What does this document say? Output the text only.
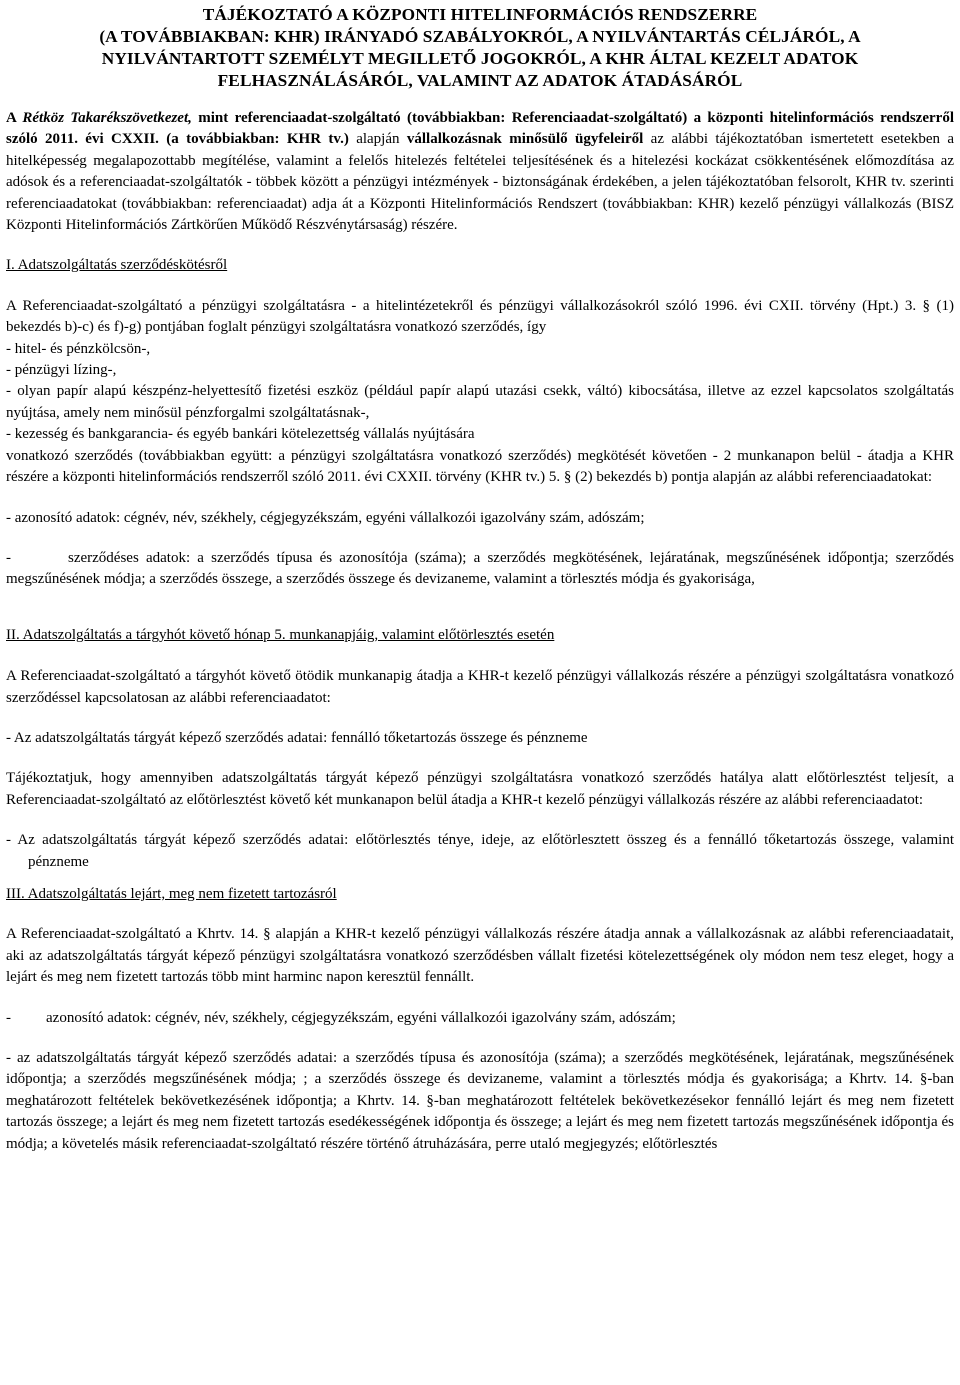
TÁJÉKOZTATÓ A KÖZPONTI HITELINFORMÁCIÓS RENDSZERRE
(A TOVÁBBIAKBAN: KHR) IRÁNYADÓ SZABÁLYOKRÓL, A NYILVÁNTARTÁS CÉLJÁRÓL, A
NYILVÁNTARTOTT SZEMÉLYT MEGILLETŐ JOGOKRÓL, A KHR ÁLTAL KEZELT ADATOK
FELHASZNÁLÁSÁRÓL, VALAMINT AZ ADATOK ÁTADÁSÁRÓL

A Rétköz Takarékszövetkezet, mint referenciaadat-szolgáltató (továbbiakban: Referenciaadat-szolgáltató) a központi hitelinformációs rendszerről szóló 2011. évi CXXII. (a továbbiakban: KHR tv.) alapján vállalkozásnak minősülő ügyfeleiről az alábbi tájékoztatóban ismertetett esetekben a hitelképesség megalapozottabb megítélése, valamint a felelős hitelezés feltételei teljesítésének és a hitelezési kockázat csökkentésének előmozdítása az adósok és a referenciaadat-szolgáltatók - többek között a pénzügyi intézmények - biztonságának érdekében, a jelen tájékoztatóban felsorolt, KHR tv. szerinti referenciaadatokat (továbbiakban: referenciaadat) adja át a Központi Hitelinformációs Rendszert (továbbiakban: KHR) kezelő pénzügyi vállalkozás (BISZ Központi Hitelinformációs Zártkörűen Működő Részvénytársaság) részére.

I. Adatszolgáltatás szerződéskötésről

A Referenciaadat-szolgáltató a pénzügyi szolgáltatásra - a hitelintézetekről és pénzügyi vállalkozásokról szóló 1996. évi CXII. törvény (Hpt.) 3. § (1) bekezdés b)-c) és f)-g) pontjában foglalt pénzügyi szolgáltatásra vonatkozó szerződés, így

- hitel- és pénzkölcsön-,

- pénzügyi lízing-,

- olyan papír alapú készpénz-helyettesítő fizetési eszköz (például papír alapú utazási csekk, váltó) kibocsátása, illetve az ezzel kapcsolatos szolgáltatás nyújtása, amely nem minősül pénzforgalmi szolgáltatásnak-,

- kezesség és bankgarancia- és egyéb bankári kötelezettség vállalás nyújtására

vonatkozó szerződés (továbbiakban együtt: a pénzügyi szolgáltatásra vonatkozó szerződés) megkötését követően - 2 munkanapon belül - átadja a KHR részére a központi hitelinformációs rendszerről szóló 2011. évi CXXII. törvény (KHR tv.) 5. § (2) bekezdés b) pontja alapján az alábbi referenciaadatokat:

- azonosító adatok: cégnév, név, székhely, cégjegyzékszám, egyéni vállalkozói igazolvány szám, adószám;

-	szerződéses adatok: a szerződés típusa és azonosítója (száma); a szerződés megkötésének, lejáratának, megszűnésének időpontja; szerződés megszűnésének módja; a szerződés összege, a szerződés összege és devizaneme, valamint a törlesztés módja és gyakorisága,

II. Adatszolgáltatás a tárgyhót követő hónap 5. munkanapjáig, valamint előtörlesztés esetén

A Referenciaadat-szolgáltató a tárgyhót követő ötödik munkanapig átadja a KHR-t kezelő pénzügyi vállalkozás részére a pénzügyi szolgáltatásra vonatkozó szerződéssel kapcsolatosan az alábbi referenciaadatot:

- Az adatszolgáltatás tárgyát képező szerződés adatai: fennálló tőketartozás összege és pénzneme

Tájékoztatjuk, hogy amennyiben adatszolgáltatás tárgyát képező pénzügyi szolgáltatásra vonatkozó szerződés hatálya alatt előtörlesztést teljesít, a Referenciaadat-szolgáltató az előtörlesztést követő két munkanapon belül átadja a KHR-t kezelő pénzügyi vállalkozás részére az alábbi referenciaadatot:

- Az adatszolgáltatás tárgyát képező szerződés adatai: előtörlesztés ténye, ideje, az előtörlesztett összeg és a fennálló tőketartozás összege, valamint pénzneme

III. Adatszolgáltatás lejárt, meg nem fizetett tartozásról

A Referenciaadat-szolgáltató a Khrtv. 14. § alapján a KHR-t kezelő pénzügyi vállalkozás részére átadja annak a vállalkozásnak az alábbi referenciaadatait, aki az adatszolgáltatás tárgyát képező pénzügyi szolgáltatásra vonatkozó szerződésben vállalt fizetési kötelezettségének oly módon nem tesz eleget, hogy a lejárt és meg nem fizetett tartozás több mint harminc napon keresztül fennállt.

- azonosító adatok: cégnév, név, székhely, cégjegyzékszám, egyéni vállalkozói igazolvány szám, adószám;

- az adatszolgáltatás tárgyát képező szerződés adatai: a szerződés típusa és azonosítója (száma); a szerződés megkötésének, lejáratának, megszűnésének időpontja; a szerződés megszűnésének módja; ; a szerződés összege és devizaneme, valamint a törlesztés módja és gyakorisága; a Khrtv. 14. §-ban meghatározott feltételek bekövetkezésének időpontja; a Khrtv. 14. §-ban meghatározott feltételek bekövetkezésekor fennálló lejárt és meg nem fizetett tartozás összege; a lejárt és meg nem fizetett tartozás esedékességének időpontja és összege; a lejárt és meg nem fizetett tartozás megszűnésének időpontja és módja; a követelés másik referenciaadat-szolgáltató részére történő átruházására, perre utaló megjegyzés; előtörlesztés
